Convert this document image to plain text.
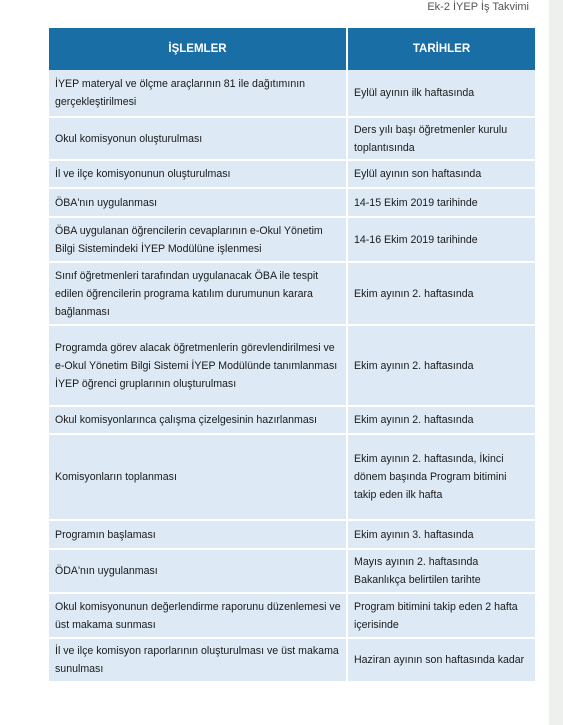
Ek-2 İYEP İş Takvimi
İŞLEMLER	TARİHLER
İYEP materyal ve ölçme araçlarının 81 ile dağıtımının gerçekleştirilmesi	Eylül ayının ilk haftasında
Okul komisyonun oluşturulması	Ders yılı başı öğretmenler kurulu toplantısında
İl ve ilçe komisyonunun oluşturulması	Eylül ayının son haftasında
ÖBA'nın uygulanması	14-15 Ekim 2019 tarihinde
ÖBA uygulanan öğrencilerin cevaplarının e-Okul Yönetim Bilgi Sistemindeki İYEP Modülüne işlenmesi	14-16 Ekim 2019 tarihinde
Sınıf öğretmenleri tarafından uygulanacak ÖBA ile tespit edilen öğrencilerin programa katılım durumunun karara bağlanması	Ekim ayının 2. haftasında
Programda görev alacak öğretmenlerin görevlendirilmesi ve e-Okul Yönetim Bilgi Sistemi İYEP Modülünde tanımlanması İYEP öğrenci gruplarının oluşturulması	Ekim ayının 2. haftasında
Okul komisyonlarınca çalışma çizelgesinin hazırlanması	Ekim ayının 2. haftasında
Komisyonların toplanması	Ekim ayının 2. haftasında, İkinci dönem başında Program bitimini takip eden ilk hafta
Programın başlaması	Ekim ayının 3. haftasında
ÖDA'nın uygulanması	Mayıs ayının 2. haftasında Bakanlıkça belirtilen tarihte
Okul komisyonunun değerlendirme raporunu düzenlemesi ve üst makama sunması	Program bitimini takip eden 2 hafta içerisinde
İl ve ilçe komisyon raporlarının oluşturulması ve üst makama sunulması	Haziran ayının son haftasında kadar
